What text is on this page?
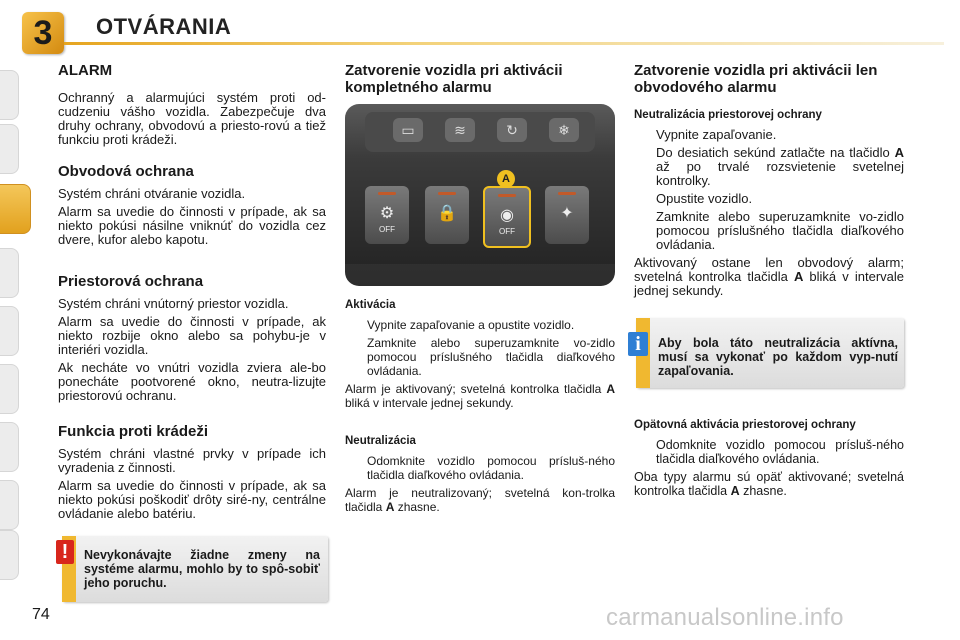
3	OTVÁRANIA
ALARM

Ochranný a alarmujúci systém proti od-cudzeniu vášho vozidla. Zabezpečuje dva druhy ochrany, obvodovú a priesto-rovú a tiež funkciu proti krádeži.

Obvodová ochrana

Systém chráni otváranie vozidla.

Alarm sa uvedie do činnosti v prípade, ak sa niekto pokúsi násilne vniknúť do vozidla cez dvere, kufor alebo kapotu.

Priestorová ochrana

Systém chráni vnútorný priestor vozidla.

Alarm sa uvedie do činnosti v prípade, ak niekto rozbije okno alebo sa pohybu-je v interiéri vozidla.

Ak necháte vo vnútri vozidla zviera ale-bo ponecháte pootvorené okno, neutra-lizujte priestorovú ochranu.

Funkcia proti krádeži

Systém chráni vlastné prvky v prípade ich vyradenia z činnosti.

Alarm sa uvedie do činnosti v prípade, ak sa niekto pokúsi poškodiť drôty siré-ny, centrálne ovládanie alebo batériu.

!	Nevykonávajte žiadne zmeny na systéme alarmu, mohlo by to spô-sobiť jeho poruchu.
Zatvorenie vozidla pri aktivácii kompletného alarmu
▭	≋	↻	❄
⚙
OFF
🔒	◉
OFF
✦
A
Aktivácia
Vypnite zapaľovanie a opustite vozidlo.
Zamknite alebo superuzamknite vo-zidlo pomocou príslušného tlačidla diaľkového ovládania.

Alarm je aktivovaný; svetelná kontrolka tlačidla A bliká v intervale jednej sekundy.

Neutralizácia
Odomknite vozidlo pomocou prísluš-ného tlačidla diaľkového ovládania.

Alarm je neutralizovaný; svetelná kon-trolka tlačidla A zhasne.

Zatvorenie vozidla pri aktivácii len obvodového alarmu
Neutralizácia priestorovej ochrany
Vypnite zapaľovanie.
Do desiatich sekúnd zatlačte na tlačidlo A až po trvalé rozsvietenie svetelnej kontrolky.
Opustite vozidlo.
Zamknite alebo superuzamknite vo-zidlo pomocou príslušného tlačidla diaľkového ovládania.

Aktivovaný ostane len obvodový alarm; svetelná kontrolka tlačidla A bliká v intervale jednej sekundy.

i	Aby bola táto neutralizácia aktívna, musí sa vykonať po každom vyp-nutí zapaľovania.
Opätovná aktivácia priestorovej ochrany
Odomknite vozidlo pomocou prísluš-ného tlačidla diaľkového ovládania.

Oba typy alarmu sú opäť aktivované; svetelná kontrolka tlačidla A zhasne.

74	carmanualsonline.info
